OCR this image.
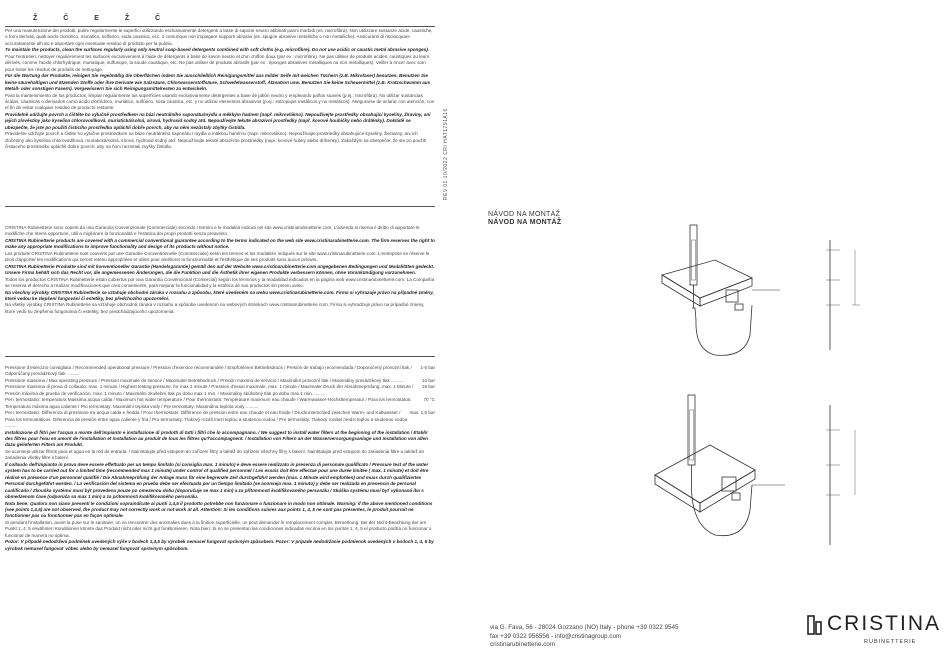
Ž Č E Ž Č

Per una manutenzione dei prodotti, pulire regolarmente le superfici utilizzando esclusivamente detergenti a base di sapone neutro abbinati panni morbidi (es. microfibra). Non utilizzare sostanze acide, caustiche, o forni derivati, quali acido cloridrico, muriatico, solforico, soda caustica, ecc. o comunque non impiegare supporti abrasivi (es. spugne abrasive metalliche o non metalliche). Assicurarsi di risciacquare accuratamente all'uso e asportare ogni eventuale residuo di prodotto per la pulizia.

To maintain the products, clean the surfaces regularly using only neutral soap-based detergents combined with soft cloths (e.g. microfibre). Do not use acidic or caustic metal abrasive sponges).

Pour l'entretien, nettoyer régulièrement les surfaces exclusivement à l'aide de détergents à base de savon neutre et d'un chiffon doux (par ex : microfibre). Ne pas utiliser de produits acides, caustiques ou leurs dérivés, comme l'acide chlorhydrique, muriatique, sulfurique, la soude caustique, etc. Ne pas utiliser de produits abrasifs (par ex : éponges abrasives métalliques ou non métalliques). Veiller à rincer avec soin pour éviter les résidus de produits de nettoyage.

Für die Wartung der Produkte, reinigen Sie regelmäßig die Oberflächen indem Sie ausschließlich Reinigungsmittel aus milder Seife mit weichen Tüchern (z.B. Mikrofaser) benutzen. Benutzen Sie keine säurehaltigen und ätzenden Stoffe oder ihre Derivate wie Salzsäure, Chlorwasserstoffsäure, Schwefelwasserstoff, Ätznatron usw. Benutzen Sie keine Scheuermittel (z.B. Kratzschwamm aus Metall- oder sonstigen Fasern). Vergewissern Sie sich Reinigungsmittelresten zu entwickeln.

Para la mantenimiento de los productos, limpiar regularmente las superficies usando exclusivamente detergentes a base de jabón neutro y empleando paños suaves (p.ej.: microfibra). No utilizar sustancias ácidas, cáusticas o derivados como ácido clorhídrico, muriático, sulfúrico, sosa cáustica, etc. y no utilizar elementos abrasivos (p.ej.: estropajos metálicos y no metálicos). Asegurarse de aclarar con atención, con el fin de evitar cualquier residuo de producto restante.

Pravidelně udržujte povrch a čištěte ho výlučně prostředkem na bázi neutrálního saponátu/mýdla a měkkým hadrem (např. mikrovlákno). Nepoužívejte prostředky obsahující kyseliny, žíraviny, ani jejich zlověstiny jako kyselina chlorovodíková, muriatická/solná, sírová, hydroxid sodný atd. Nepoužívejte tekuté abrazivní prostředky (např. kovové houbičky nebo drátěnky). Dokládě se ubezpečte, že jste po použití čisticího prostředku opláchli dobře povrch, aby na něm nezůstaly zbytky čistidla.

Pravidelne udržujte povrch a čistite ho výlučne prostriedkom na báze neutrálneho saponátu / mydla a mäkkou handrou (napr. mikrovlákno). Nepoužívajte prostriedky obsahujúce kyseliny, žieraviny, ani ich zlúčeniny ako kyselina chlorovodíková, muriatická/solná, sírová, hydroxid sodný atď. Nepoužívajte tekuté abrazívne prostriedky (napr. kovové hubky alebo drôtenky). Zakaždým sa uberpečte, že ste po použití čistiaceho prostriedku opláchli dobre povrch, aby na ňom nezostali zvyšky čistidla.

CRISTINA Rubinetterie sono coperti da una Garanzia Convenzionale (Commerciale) secondo i termini e le modalità indicati nel sito www.cristinarubinetterie.com. L'azienda si riserva il diritto di apportare le modifiche che riterrà opportune, utili a migliorare la funzionalità e l'estetica dei propri prodotti senza preavviso.

CRISTINA Rubinetterie products are covered with a commercial conventional guarantee according to the terms indicated on the web site www.cristinarubinetterie.com. The firm reserves the right to make any appropriate modifications to improve functionality and design of its products without notice.

Les produits CRISTINA Rubinetterie sont couverts par une Garantie Conventionnelle (Commerciale) selon les termes et les modalités indiqués sur le site www.cristinarubinetterie.com. L'entreprise se réserve le droit d'apporter les modifications qui seront retenu appropriées et utiles pour améliorer la fonctionnalité et l'esthétique de ses produits sans aucun préavis.

CRISTINA Rubinetterie Produkte sind mit konventioneller Garantie (Handelsgarantie) gemäß den auf der Website www.cristinarubinetterie.com angegebenen Bedingungen und Modalitäten gedeckt. Unsere Firma behält sich das Recht vor, die angemessenen Änderungen, die die Funktion und die Ästhetik ihrer eigenen Produkte verbessern können, ohne Vorankündigung vorzunehmen.

Todos los productos CRISTINA Rubinetterie están cubiertos por una Garantía Convencional (Comercial) según los términos y la modalidad indicados en la página web www.cristinarubinetterie.com. La Compañía se reserva el derecho a realizar modificaciones que crea conveniente, para mejorar la funcionalidad y la estética de sus productos sin previo aviso.

Na všechny výrobky CRISTINA Rubinetterie se vztahuje obchodní záruka v rozsahu a způsobu, které uvedeném na webu www.cristinarubinetterie.com. Firma si vyhrazuje právo na případné změny, které vedou ke zlepšení fungování či estetiky, bez předchozího upozornění.

Na všetky výrobky CRISTINA Rubinetterie sa vzťahuje obchodná záruka v rozsahu a spôsobe uvedenom na webových stránkach www.cristinarubinetterie.com. Firma si vyhradzuje právo na prípadné zmeny, ktoré vedú ku zlepšeniu fungovania či estetiky, bez predchádzajúceho upozornenia.

Pressione d'esercizio consigliata / Recommended operational pressure / Pression d'exercice recommandée / Empfohlener Betriebsdruck / Presión de trabajo recomendada / Doporučený provozní tlak / Odporúčaný prevádzkový tlak ..........
1-5 bar
Pressione massima / Max operating pressure / Pression maximale de service / Maximaler Betriebsdruck / Presión máxima de servicio / Maximální provozní tlak / Maximálny prevádzkový tlak ..........	10 bar
Pressione massima di prova di collaudo, max. 1 minuto / Highest testing pressure, for max 1 minute / Pression d'essai maximale, max. 1 minute / Maximaler Druck der Abnahmeprüfung, max. 1 Minute / Presión máxima de prueba de verificación, max. 1 minuto / Maximální zkušební tlak po dobu max 1 min. / Maximálny skúšobný tlak po dobu max 1 min. ..........
16 bar
Per i termostatici: temperatura Massima acqua calda / Maximum hot water temperature / Pour thermostats: Température maximum eau chaude / Warmwasser-Höchsttemperatur / Para los termostatos: Temperatura máxima agua caliente / Pro termostaty: Maximální teplota vody / Pre termostaty: Maximálna teplota vody ..........
70 °C
Per i termostatici: Differenza di pressione tra acqua calda e fredda / Pour thermostats: Différence de pression entre eau chaude et eau froide / Druckunterschied zwischen Warm- und Kaltwasser / Para los termostáticos: Diferencia de presión entre agua caliente y fría / Pro termostaty: Tlakový rozdíl mezi teplou a studenou vodou / Pre termostaty: Tlakový rozdiel medzi teplou a studenou vodou ..........
max. 1,5 bar

Installazione di filtri per l'acqua a monte dell'impianto e installazione di prodotti di tutti i filtri che lo accompagnano. / We suggest to install water filters at the beginning of the installation / Établir des filtres pour l'eau en amont de l'installation et installation au produit de tous les filtres qu'l'accompagnent. / Installation von Filtern an der Wasserversorgungsanlage und Installation von allen dazu gelieferten Filtern am Produkt.

Se aconseja utilizar filtros para el agua en la red de entrada. / Nainstalujte před vstupem do zařízení filtry a taktéž do zařízení všechny filtry s balení. Nainštalujte pred vstupom do zariadenia filtre a taktiež do zariadenia všetky filtre s balení.

Il collaudo dell'impianto in prova deve essere effettuato per un tempo limitato (si consiglia max. 1 minuto) e deve essere realizzato in presenza di personale qualificato / Pressure test of the water system has to be carried out for a limited time (recommended max 1 minute) under control of qualified personnel / Les essais doit être effectué pour une durée limitée ( max. 1 minute) et doit être réalisé en présence d'un personnel qualifié / Die Abnahmeprüfung der Anlage muss für eine begrenzte Zeit durchgeführt werden (max. 1 Minute wird empfohlen) und muss durch qualifiziertes Personal durchgeführt werden. / La verificación del sistema en prueba debe ser efectuada por un tiempo limitado (se aconseja max. 1 minuto) y debe ser realizada en presencia de personal cualificado / Zkouška systému musí být provedena pouze po omezenou dobu (doporučuje se max 1 min) a za přítomnosti kvalifikovaného personálu / Skúška systému musí byť vykonaná iba s obmedzenom čase (odporúča sa max 1 min) a za prítomnosti kvalifikovaného personálu.

Nota bene: Qualora non siano presenti le condizioni sopraindicate ai punti 1,4,5 il prodotto potrebbe non funzionare o funzionare in modo non ottimale. Warning: if the above mentioned conditions (see points 1,4,5) are not observed, the product may not correctly work or not work at all. Attention: Si les conditions suivies aux points 1, 4, 5 ne sont pas présentes, le produit pourrait ne fonctionner pas ou fonctionner pas en façon optimale.

Si pendant l'installation, avant la pose sur le sanitaire, on va rencontrer des anomalies dues à la finition superficielle, on peut demander le remplacement complet. Bemerkung: Bei der Nicht-Beachtung der am Punkt 1, 4, 5 erwähnten Konditionen könnte das Produkt nicht oder nicht gut funktionieren. Nota bien: Si no se presentan las condiciones indicadas encima en los puntos 1, 4, 5 el producto podría no funcionar o funcionar de manera no óptima.

Pozor: V případě nedodržení podmínek uvedených výše v bodech 1,4,5 by výrobek nemusel fungovat správným způsobem. Pozor: V prípade nedodržanie podmienok uvedených v bodoch 1, 4, 5 by výrobok nemusel fungovať vôbec alebo by nemusel fungovať správnym spôsobom.

REV.01 10/2022 CRI HAT1791A16
NÁVOD NA MONTÁŽ
NÁVOD NA MONTÁŽ
via G. Fava, 56 - 28024 Gozzano (NO) Italy - phone +39 0322 9545
fax +39 0322 956556 - info@cristinagroup.com
cristinarubinetterie.com
CRISTINA
RUBINETTERIE
